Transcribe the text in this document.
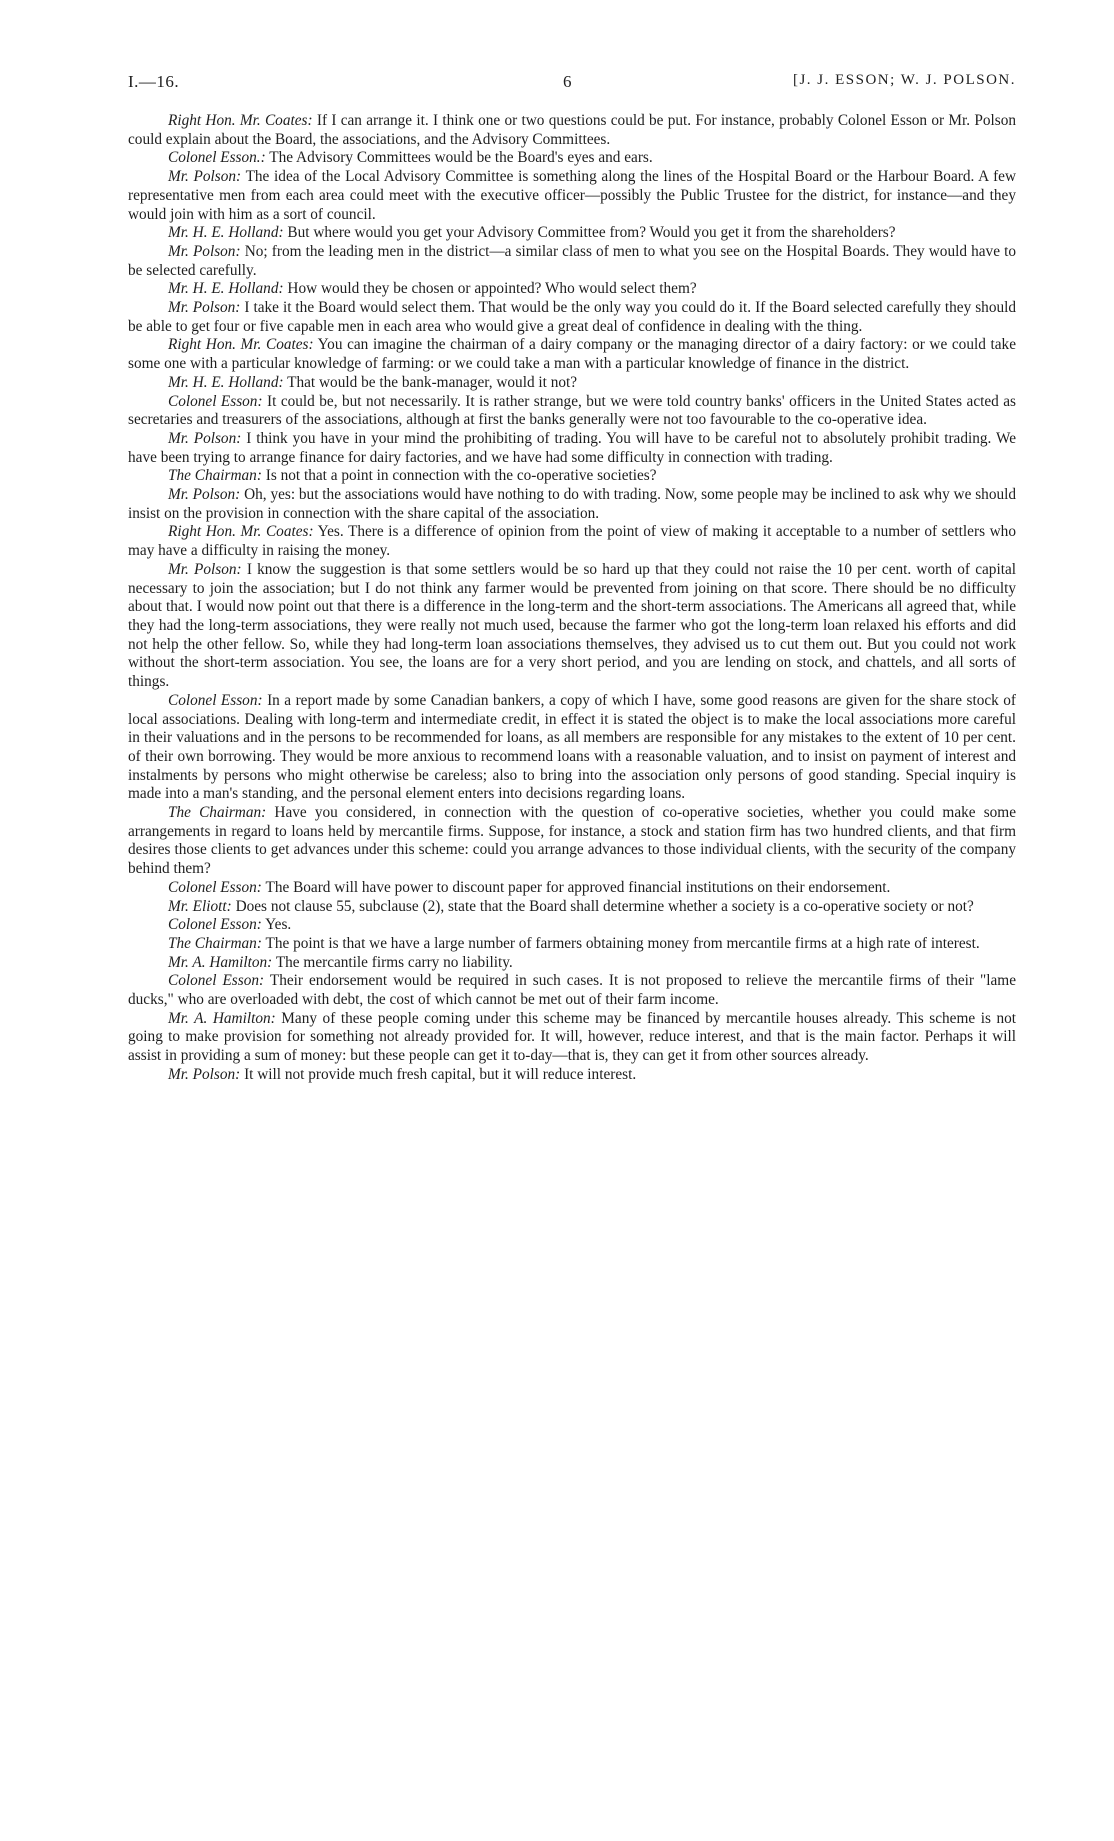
I.—16.	6	[J. J. ESSON; W. J. POLSON.

Right Hon. Mr. Coates: If I can arrange it. I think one or two questions could be put. For instance, probably Colonel Esson or Mr. Polson could explain about the Board, the associations, and the Advisory Committees.

Colonel Esson.: The Advisory Committees would be the Board's eyes and ears.

Mr. Polson: The idea of the Local Advisory Committee is something along the lines of the Hospital Board or the Harbour Board. A few representative men from each area could meet with the executive officer—possibly the Public Trustee for the district, for instance—and they would join with him as a sort of council.

Mr. H. E. Holland: But where would you get your Advisory Committee from? Would you get it from the shareholders?

Mr. Polson: No; from the leading men in the district—a similar class of men to what you see on the Hospital Boards. They would have to be selected carefully.

Mr. H. E. Holland: How would they be chosen or appointed? Who would select them?

Mr. Polson: I take it the Board would select them. That would be the only way you could do it. If the Board selected carefully they should be able to get four or five capable men in each area who would give a great deal of confidence in dealing with the thing.

Right Hon. Mr. Coates: You can imagine the chairman of a dairy company or the managing director of a dairy factory: or we could take some one with a particular knowledge of farming: or we could take a man with a particular knowledge of finance in the district.

Mr. H. E. Holland: That would be the bank-manager, would it not?

Colonel Esson: It could be, but not necessarily. It is rather strange, but we were told country banks' officers in the United States acted as secretaries and treasurers of the associations, although at first the banks generally were not too favourable to the co-operative idea.

Mr. Polson: I think you have in your mind the prohibiting of trading. You will have to be careful not to absolutely prohibit trading. We have been trying to arrange finance for dairy factories, and we have had some difficulty in connection with trading.

The Chairman: Is not that a point in connection with the co-operative societies?

Mr. Polson: Oh, yes: but the associations would have nothing to do with trading. Now, some people may be inclined to ask why we should insist on the provision in connection with the share capital of the association.

Right Hon. Mr. Coates: Yes. There is a difference of opinion from the point of view of making it acceptable to a number of settlers who may have a difficulty in raising the money.

Mr. Polson: I know the suggestion is that some settlers would be so hard up that they could not raise the 10 per cent. worth of capital necessary to join the association; but I do not think any farmer would be prevented from joining on that score. There should be no difficulty about that. I would now point out that there is a difference in the long-term and the short-term associations. The Americans all agreed that, while they had the long-term associations, they were really not much used, because the farmer who got the long-term loan relaxed his efforts and did not help the other fellow. So, while they had long-term loan associations themselves, they advised us to cut them out. But you could not work without the short-term association. You see, the loans are for a very short period, and you are lending on stock, and chattels, and all sorts of things.

Colonel Esson: In a report made by some Canadian bankers, a copy of which I have, some good reasons are given for the share stock of local associations. Dealing with long-term and intermediate credit, in effect it is stated the object is to make the local associations more careful in their valuations and in the persons to be recommended for loans, as all members are responsible for any mistakes to the extent of 10 per cent. of their own borrowing. They would be more anxious to recommend loans with a reasonable valuation, and to insist on payment of interest and instalments by persons who might otherwise be careless; also to bring into the association only persons of good standing. Special inquiry is made into a man's standing, and the personal element enters into decisions regarding loans.

The Chairman: Have you considered, in connection with the question of co-operative societies, whether you could make some arrangements in regard to loans held by mercantile firms. Suppose, for instance, a stock and station firm has two hundred clients, and that firm desires those clients to get advances under this scheme: could you arrange advances to those individual clients, with the security of the company behind them?

Colonel Esson: The Board will have power to discount paper for approved financial institutions on their endorsement.

Mr. Eliott: Does not clause 55, subclause (2), state that the Board shall determine whether a society is a co-operative society or not?

Colonel Esson: Yes.

The Chairman: The point is that we have a large number of farmers obtaining money from mercantile firms at a high rate of interest.

Mr. A. Hamilton: The mercantile firms carry no liability.

Colonel Esson: Their endorsement would be required in such cases. It is not proposed to relieve the mercantile firms of their "lame ducks," who are overloaded with debt, the cost of which cannot be met out of their farm income.

Mr. A. Hamilton: Many of these people coming under this scheme may be financed by mercantile houses already. This scheme is not going to make provision for something not already provided for. It will, however, reduce interest, and that is the main factor. Perhaps it will assist in providing a sum of money: but these people can get it to-day—that is, they can get it from other sources already.

Mr. Polson: It will not provide much fresh capital, but it will reduce interest.
